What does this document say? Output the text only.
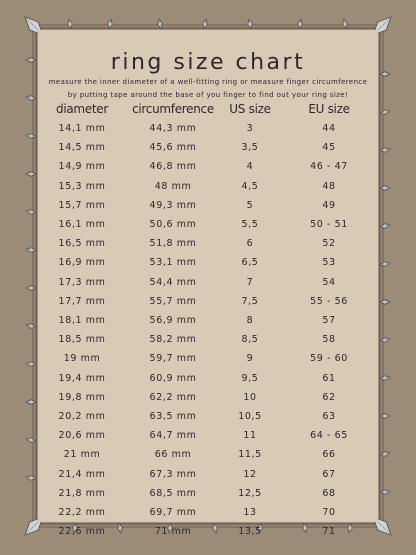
ring size chart
measure the inner diameter of a well-fitting ring or measure finger circumference
by putting tape around the base of you finger to find out your ring size!
diameter	circumference	US size	EU size
14,1 mm	44,3 mm	3	44
14,5 mm	45,6 mm	3,5	45
14,9 mm	46,8 mm	4	46 - 47
15,3 mm	48 mm	4,5	48
15,7 mm	49,3 mm	5	49
16,1 mm	50,6 mm	5,5	50 - 51
16,5 mm	51,8 mm	6	52
16,9 mm	53,1 mm	6,5	53
17,3 mm	54,4 mm	7	54
17,7 mm	55,7 mm	7,5	55 - 56
18,1 mm	56,9 mm	8	57
18,5 mm	58,2 mm	8,5	58
19 mm	59,7 mm	9	59 - 60
19,4 mm	60,9 mm	9,5	61
19,8 mm	62,2 mm	10	62
20,2 mm	63,5 mm	10,5	63
20,6 mm	64,7 mm	11	64 - 65
21 mm	66 mm	11,5	66
21,4 mm	67,3 mm	12	67
21,8 mm	68,5 mm	12,5	68
22,2 mm	69,7 mm	13	70
22,6 mm	71 mm	13,5	71
